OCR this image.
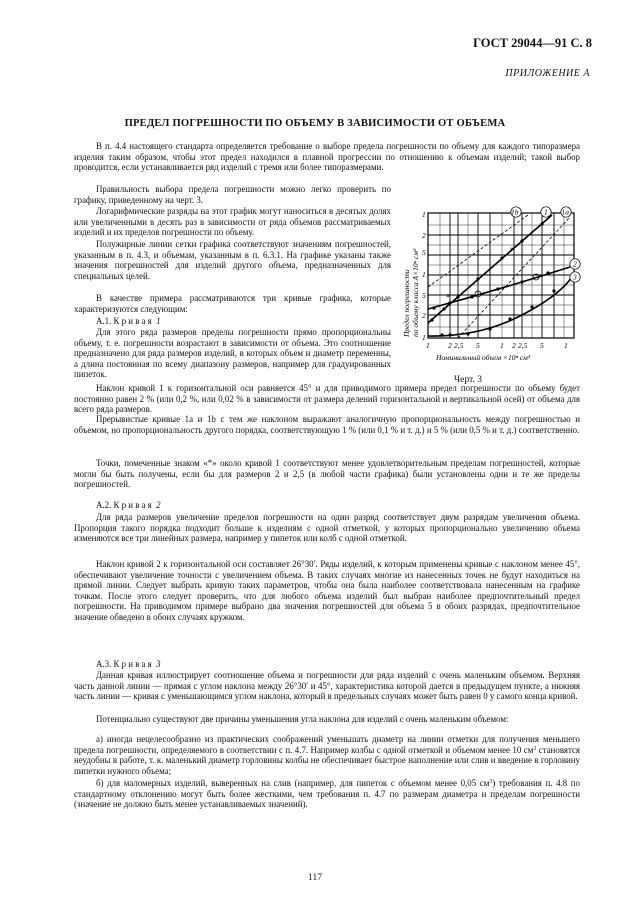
ГОСТ 29044—91 С. 8
ПРИЛОЖЕНИЕ А
ПРЕДЕЛ ПОГРЕШНОСТИ ПО ОБЪЕМУ В ЗАВИСИМОСТИ ОТ ОБЪЕМА
В п. 4.4 настоящего стандарта определяется требование о выборе предела погрешности по объему для каждого типоразмера изделия таким образом, чтобы этот предел находился в плавной прогрессии по отношению к объемам изделий; такой выбор проводится, если устанавливается ряд изделий с тремя или более типоразмерами.
Правильность выбора предела погрешности можно легко проверить по графику, приведенному на черт. 3.
Логарифмические разряды на этот график могут наноситься в десятых долях или увеличенными в десять раз в зависимости от ряда объемов рассматриваемых изделий и их пределов погрешности по объему.
Полужирные линии сетки графика соответствуют значениям погрешностей, указанным в п. 4.3, и объемам, указанным в п. 6.3.1. На графике указаны также значения погрешностей для изделий другого объема, предназначенных для специальных целей.
В качестве примера рассматриваются три кривые графика, которые характеризуются следующим:
А.1. Кривая 1
Для этого ряда размеров пределы погрешности прямо пропорциональны объему, т. е. погрешности возрастают в зависимости от объема. Это соотношение предназначено для ряда размеров изделий, в которых объем и диаметр переменны, а длина постоянная по всему диапазону размеров, например для градуированных пипеток.
Наклон кривой 1 к горизонтальной оси равняется 45° и для приводимого примера предел погрешности по объему будет постоянно равен 2 % (или 0,2 %, или 0,02 % в зависимости от размера делений горизонтальной и вертикальной осей) от объема для всего ряда размеров.
Прерывистые кривые 1а и 1b с тем же наклоном выражают аналогичную пропорциональность между погрешностью и объемом, но пропорциональность другого порядка, соответствующую 1 % (или 0,1 % и т. д.) и 5 % (или 0,5 % и т. д.) соответственно.
Точки, помеченные знаком «*» около кривой 1 соответствуют менее удовлетворительным пределам погрешностей, которые могли бы быть получены, если бы для размеров 2 и 2,5 (в любой части графика) были установлены одни и те же пределы погрешностей.
А.2. Кривая 2
Для ряда размеров увеличение пределов погрешности на один разряд соответствует двум разрядам увеличения объема. Пропорция такого порядка подходит больше к изделиям с одной отметкой, у которых пропорционально увеличению объема изменяются все три линейных размера, например у пипеток или колб с одной отметкой.
Наклон кривой 2 к горизонтальной оси составляет 26°30′. Ряды изделий, к которым применены кривые с наклоном менее 45°, обеспечивают увеличение точности с увеличением объема. В таких случаях многие из нанесенных точек не будут находиться на прямой линии. Следует выбрать кривую таких параметров, чтобы она была наиболее соответствовала нанесенным на графике точкам. После этого следует проверить, что для любого объема изделий был выбран наиболее предпочтительный предел погрешности. На приводимом примере выбрано два значения погрешностей для объема 5 в обоих разрядах, предпочтительное значение обведено в обоих случаях кружком.
А.3. Кривая 3
Данная кривая иллюстрирует соотношение объема и погрешности для ряда изделий с очень маленьким объемом. Верхняя часть данной линии — прямая с углом наклона между 26°30′ и 45°, характеристика которой дается в предыдущем пункте, а нижняя часть линии — кривая с уменьшающимся углом наклона, который в предельных случаях может быть равен 0 у самого конца кривой.
Потенциально существуют две причины уменьшения угла наклона для изделий с очень маленьким объемом:
а) иногда нецелесообразно из практических соображений уменьшать диаметр на линии отметки для получения меньшего предела погрешности, определяемого в соответствии с п. 4.7. Например колбы с одной отметкой и объемом менее 10 $см^3$ становятся неудобны в работе, т. к. маленький диаметр горловины колбы не обеспечивает быстрое наполнение или слив и введение в горловину пипетки нужного объема;
б) для маломерных изделий, выверенных на слив (например, для пипеток с объемом менее 0,05 $см^3$) требования п. 4.8 по стандартному отклонению могут быть более жесткими, чем требования п. 4.7 по размерам диаметра и пределам погрешности (значение не должно быть менее устанавливаемых значений).
*
*
1b	1 1a
2
3
1
2
5
1
5
2
1
1 2 2,5 5	1 2 2,5 5	1
Номинальный объем ×10ⁿ см³
Предел погрешности по объему класса А×10ⁿ см³
Черт. 3
117
